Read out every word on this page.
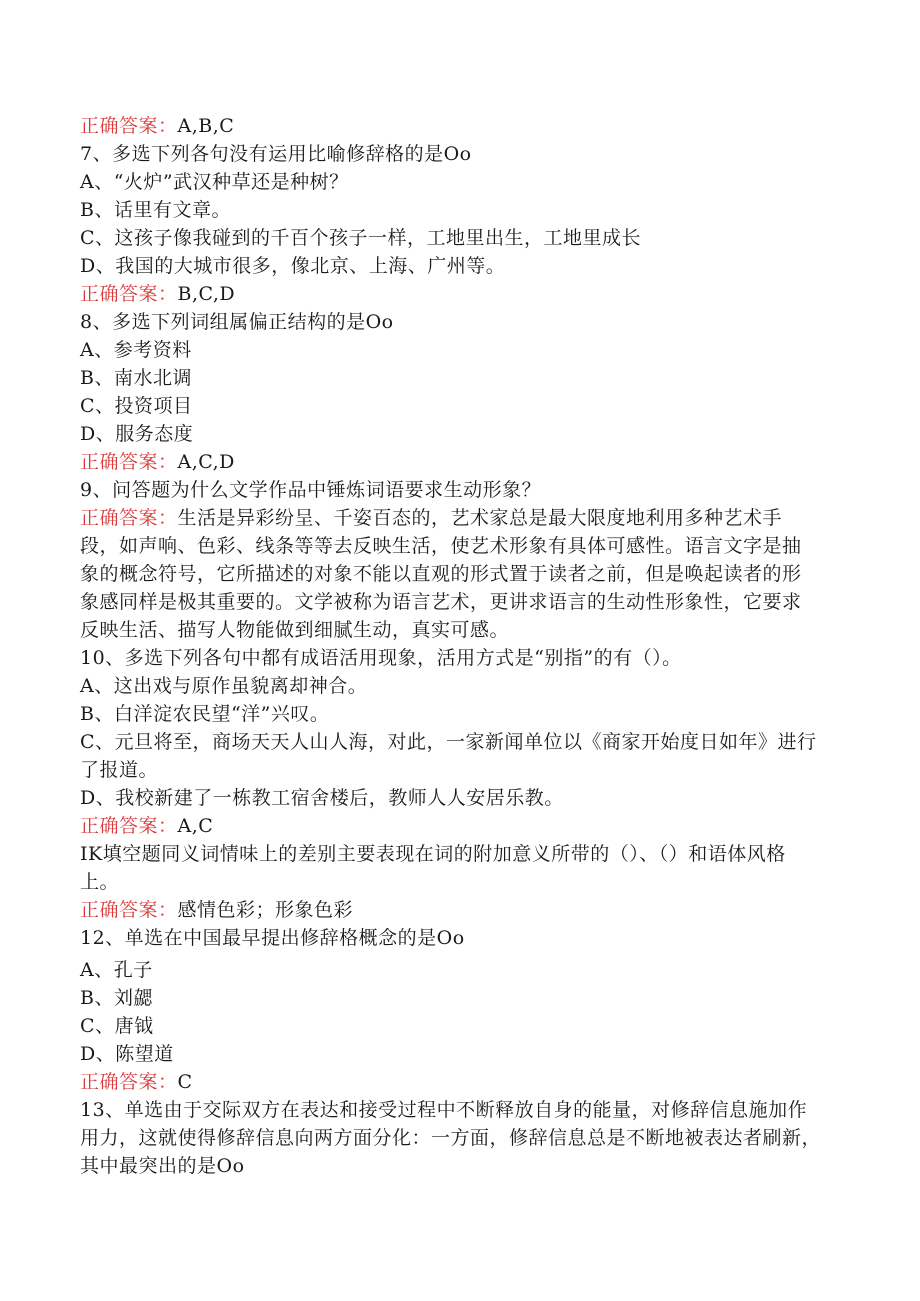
正确答案：A,B,C
7、多选下列各句没有运用比喻修辞格的是Oo
A、“火炉”武汉种草还是种树？
B、话里有文章。
C、这孩子像我碰到的千百个孩子一样，工地里出生，工地里成长
D、我国的大城市很多，像北京、上海、广州等。
正确答案：B,C,D
8、多选下列词组属偏正结构的是Oo
A、参考资料
B、南水北调
C、投资项目
D、服务态度
正确答案：A,C,D
9、问答题为什么文学作品中锤炼词语要求生动形象？
正确答案：生活是异彩纷呈、千姿百态的，艺术家总是最大限度地利用多种艺术手
段，如声响、色彩、线条等等去反映生活，使艺术形象有具体可感性。语言文字是抽
象的概念符号，它所描述的对象不能以直观的形式置于读者之前，但是唤起读者的形
象感同样是极其重要的。文学被称为语言艺术，更讲求语言的生动性形象性，它要求
反映生活、描写人物能做到细腻生动，真实可感。
10、多选下列各句中都有成语活用现象，活用方式是“别指”的有（）。
A、这出戏与原作虽貌离却神合。
B、白洋淀农民望“洋”兴叹。
C、元旦将至，商场天天人山人海，对此，一家新闻单位以《商家开始度日如年》进行
了报道。
D、我校新建了一栋教工宿舍楼后，教师人人安居乐教。
正确答案：A,C
IK填空题同义词情味上的差别主要表现在词的附加意义所带的（）、（）和语体风格
上。
正确答案：感情色彩；形象色彩
12、单选在中国最早提出修辞格概念的是Oo
A、孔子
B、刘勰
C、唐钺
D、陈望道
正确答案：C
13、单选由于交际双方在表达和接受过程中不断释放自身的能量，对修辞信息施加作
用力，这就使得修辞信息向两方面分化：一方面，修辞信息总是不断地被表达者刷新，
其中最突出的是Oo
